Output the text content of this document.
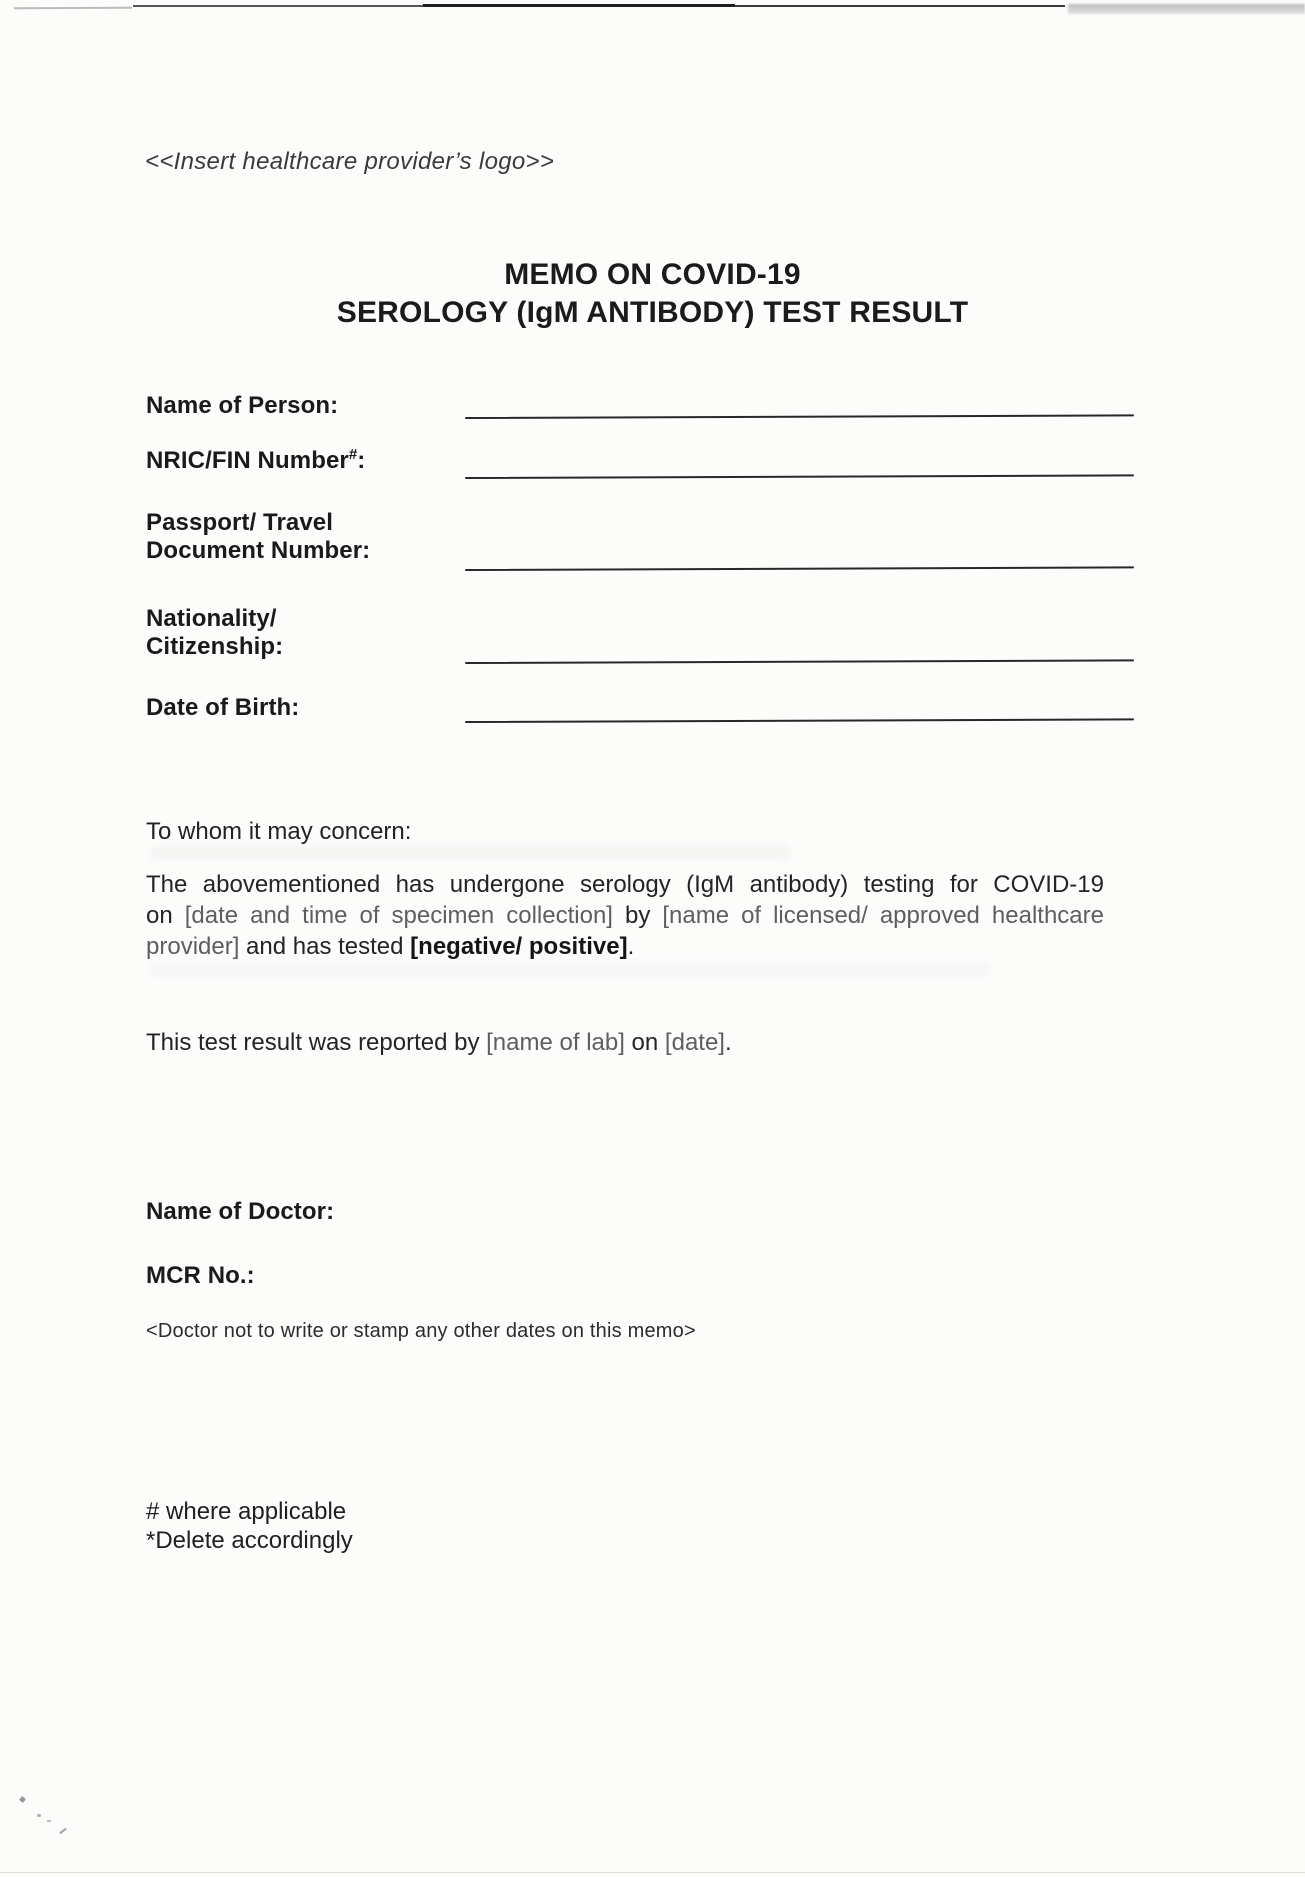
<<Insert healthcare provider’s logo>>
MEMO ON COVID-19
SEROLOGY (IgM ANTIBODY) TEST RESULT
Name of Person:
NRIC/FIN Number#:
Passport/ Travel
Document Number:
Nationality/
Citizenship:
Date of Birth:
To whom it may concern:
The abovementioned has undergone serology (IgM antibody) testing for COVID-19
on [date and time of specimen collection] by [name of licensed/ approved healthcare
provider] and has tested [negative/ positive].
This test result was reported by [name of lab] on [date].
Name of Doctor:
MCR No.:
<Doctor not to write or stamp any other dates on this memo>
# where applicable
*Delete accordingly
